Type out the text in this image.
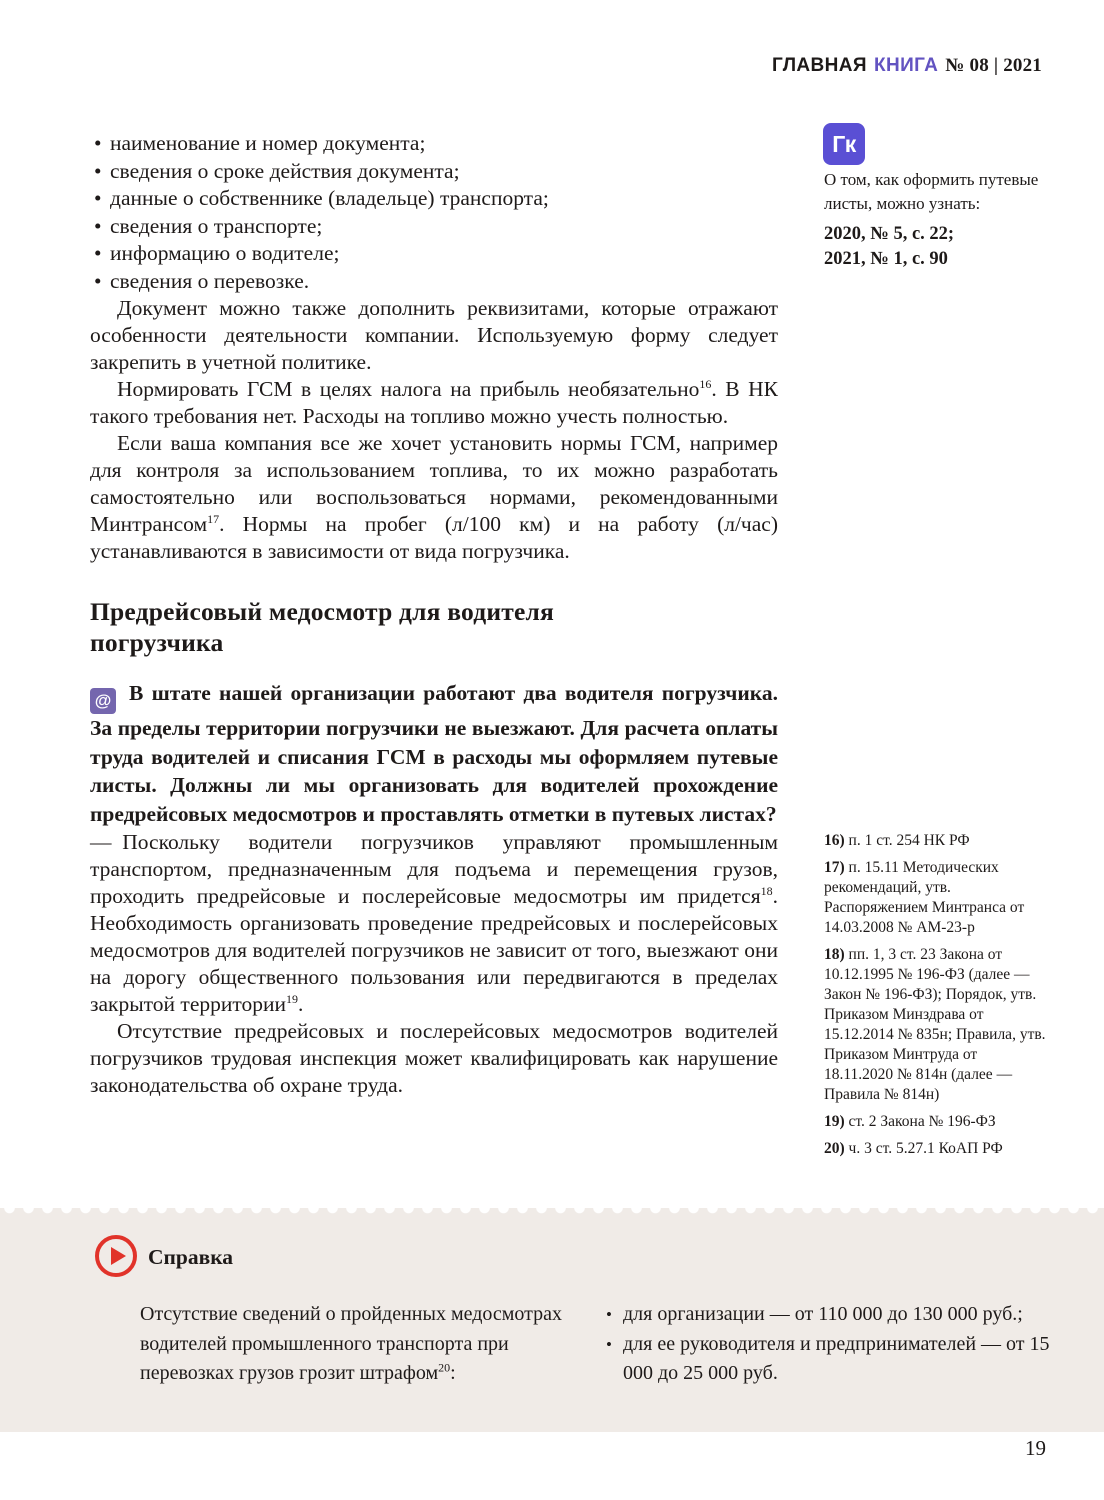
ГЛАВНАЯ КНИГА № 08 | 2021
Гк
О том, как оформить путевые листы, можно узнать:
2020, № 5, с. 22;
2021, № 1, с. 90
16) п. 1 ст. 254 НК РФ
17) п. 15.11 Методических рекомендаций, утв. Распоряжением Минтранса от 14.03.2008 № АМ-23-р
18) пп. 1, 3 ст. 23 Закона от 10.12.1995 № 196-ФЗ (далее — Закон № 196-ФЗ); Порядок, утв. Приказом Минздрава от 15.12.2014 № 835н; Правила, утв. Приказом Минтруда от 18.11.2020 № 814н (далее — Правила № 814н)
19) ст. 2 Закона № 196-ФЗ
20) ч. 3 ст. 5.27.1 КоАП РФ
• наименование и номер документа;
• сведения о сроке действия документа;
• данные о собственнике (владельце) транспорта;
• сведения о транспорте;
• информацию о водителе;
• сведения о перевозке.
Документ можно также дополнить реквизитами, которые отражают особенности деятельности компании. Используемую форму следует закрепить в учетной политике.
Нормировать ГСМ в целях налога на прибыль необязательно$^{16}$. В НК такого требования нет. Расходы на топливо можно учесть полностью.
Если ваша компания все же хочет установить нормы ГСМ, например для контроля за использованием топлива, то их можно разработать самостоятельно или воспользоваться нормами, рекомендованными Минтрансом$^{17}$. Нормы на пробег (л/100 км) и на работу (л/час) устанавливаются в зависимости от вида погрузчика.
Предрейсовый медосмотр для водителя погрузчика
@ В штате нашей организации работают два водителя погрузчика. За пределы территории погрузчики не выезжают. Для расчета оплаты труда водителей и списания ГСМ в расходы мы оформляем путевые листы. Должны ли мы организовать для водителей прохождение предрейсовых медосмотров и проставлять отметки в путевых листах?
— Поскольку водители погрузчиков управляют промышленным транспортом, предназначенным для подъема и перемещения грузов, проходить предрейсовые и послерейсовые медосмотры им придется$^{18}$. Необходимость организовать проведение предрейсовых и послерейсовых медосмотров для водителей погрузчиков не зависит от того, выезжают они на дорогу общественного пользования или передвигаются в пределах закрытой территории$^{19}$.
Отсутствие предрейсовых и послерейсовых медосмотров водителей погрузчиков трудовая инспекция может квалифицировать как нарушение законодательства об охране труда.
Справка
Отсутствие сведений о пройденных медосмотрах водителей промышленного транспорта при перевозках грузов грозит штрафом$^{20}$:
• для организации — от 110 000 до 130 000 руб.;
• для ее руководителя и предпринимателей — от 15 000 до 25 000 руб.
19
